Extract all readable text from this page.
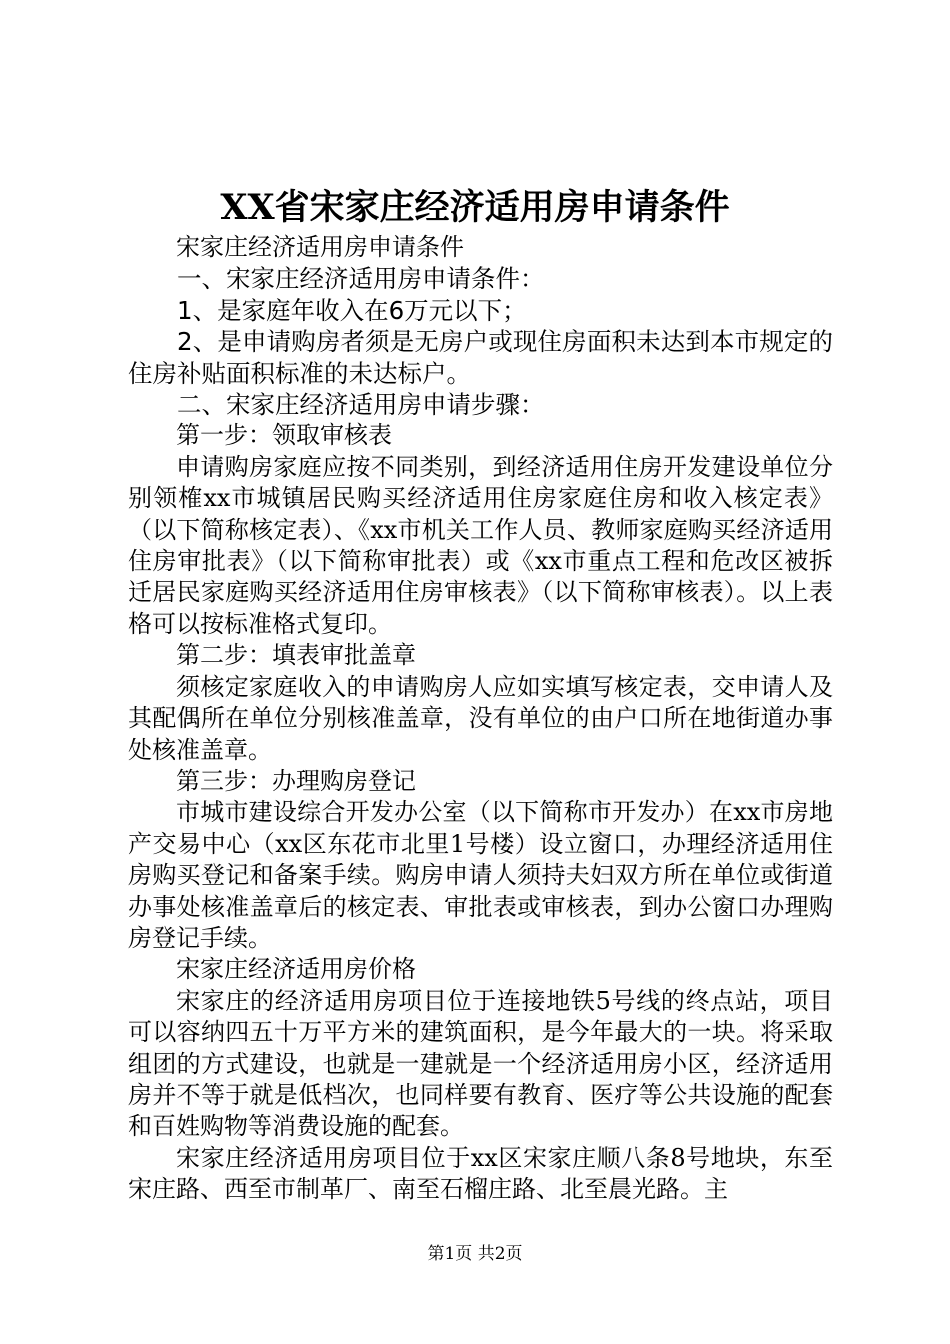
XX省宋家庄经济适用房申请条件

宋家庄经济适用房申请条件

一、宋家庄经济适用房申请条件：

1、是家庭年收入在6万元以下；

2、是申请购房者须是无房户或现住房面积未达到本市规定的住房补贴面积标准的未达标户。

二、宋家庄经济适用房申请步骤：

第一步：领取审核表

申请购房家庭应按不同类别，到经济适用住房开发建设单位分别领榷xx市城镇居民购买经济适用住房家庭住房和收入核定表》（以下简称核定表）、《xx市机关工作人员、教师家庭购买经济适用住房审批表》（以下简称审批表）或《xx市重点工程和危改区被拆迁居民家庭购买经济适用住房审核表》（以下简称审核表）。以上表格可以按标准格式复印。

第二步：填表审批盖章

须核定家庭收入的申请购房人应如实填写核定表，交申请人及其配偶所在单位分别核准盖章，没有单位的由户口所在地街道办事处核准盖章。

第三步：办理购房登记

市城市建设综合开发办公室（以下简称市开发办）在xx市房地产交易中心（xx区东花市北里1号楼）设立窗口，办理经济适用住房购买登记和备案手续。购房申请人须持夫妇双方所在单位或街道办事处核准盖章后的核定表、审批表或审核表，到办公窗口办理购房登记手续。

宋家庄经济适用房价格

宋家庄的经济适用房项目位于连接地铁5号线的终点站，项目可以容纳四五十万平方米的建筑面积，是今年最大的一块。将采取组团的方式建设，也就是一建就是一个经济适用房小区，经济适用房并不等于就是低档次，也同样要有教育、医疗等公共设施的配套和百姓购物等消费设施的配套。

宋家庄经济适用房项目位于xx区宋家庄顺八条8号地块，东至宋庄路、西至市制革厂、南至石榴庄路、北至晨光路。主

第1页 共2页
